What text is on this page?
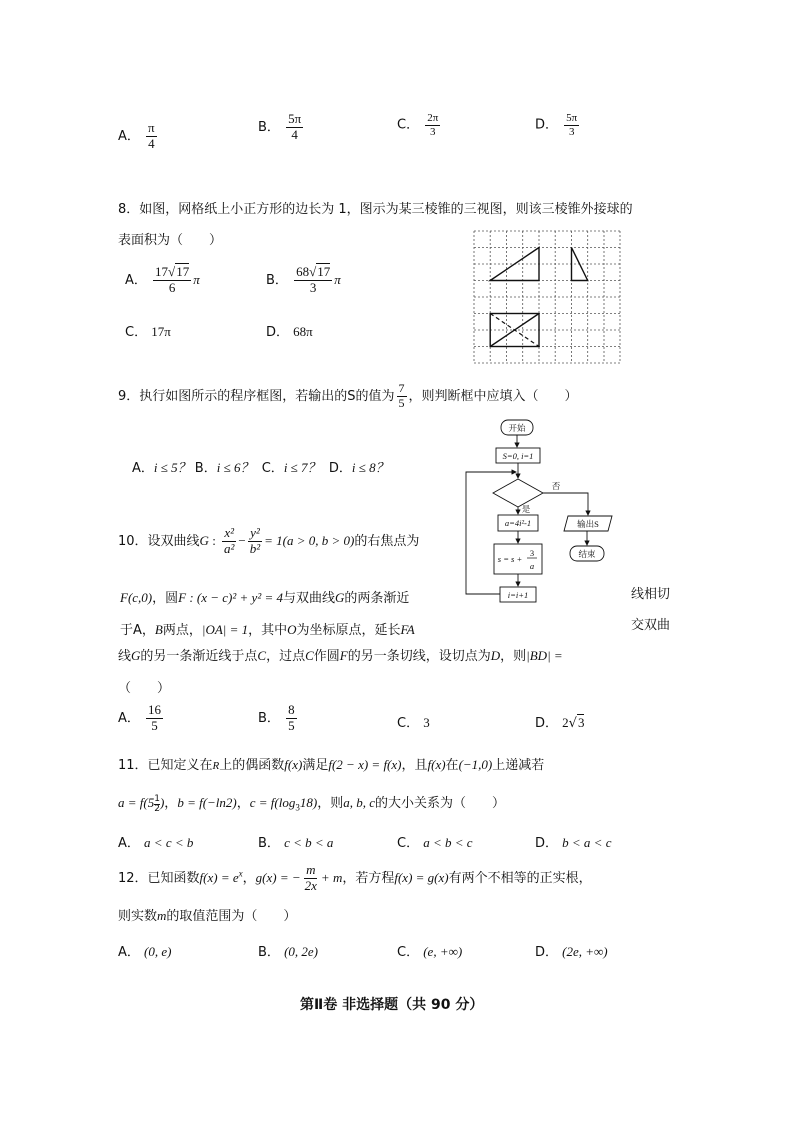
A． $\frac{\pi}{4}$	B． $\frac{5\pi}{4}$	C． $\frac{2\pi}{3}$	D． $\frac{5\pi}{3}$
8．如图，网格纸上小正方形的边长为 1，图示为某三棱锥的三视图，则该三棱锥外接球的
表面积为（　　）
A． $\frac{17√17}{6}$ π	B． $\frac{68√17}{3}$ π
C． 17π	D． 68π
9．执行如图所示的程序框图，若输出的S的值为 $\frac{7}{5}$ ，则判断框中应填入（　　）
A．i ≤ 5？ B．i ≤ 6？ C．i ≤ 7？ D．i ≤ 8？
开始
S=0, i=1
否
是
a=4i²-1
s = s +
3
a
i=i+1
输出S
结束
10．设双曲线G : $\frac{\text{x²}}{\text{a²}} - \frac{\text{y²}}{\text{b²}} = 1(a > 0$, b > 0)的右焦点为
F(c,0)，圆F : (x − c)² + y² = 4与双曲线G的两条渐近	线相切
于A，B两点，|OA| = 1，其中O为坐标原点，延长FA	交双曲
线G的另一条渐近线于点C，过点C作圆F的另一条切线，设切点为D，则|BD| =
（　　）
A． $\frac{16}{5}$	B． $\frac{8}{5}$	C． 3	D． 2√3
11．已知定义在R上的偶函数f(x)满足f(2 − x) = f(x)，且f(x)在(−1,0)上递减若
a = f(5 $^{\frac{1}{2}}$ )，b = f(−ln2)，$c = f(\log_318)$，则a, b, c的大小关系为（　　）
A． a < c < b	B． c < b < a	C． a < b < c	D． b < a < c
12．已知函数$f(x) = e^x$，g(x) = − $\frac{m}{2x} + m$，若方程f(x) = g(x)有两个不相等的正实根，
则实数m的取值范围为（　　）
A． (0, e)	B． (0, 2e)	C． (e, +∞)	D． (2e, +∞)
第Ⅱ卷 非选择题（共 90 分）
